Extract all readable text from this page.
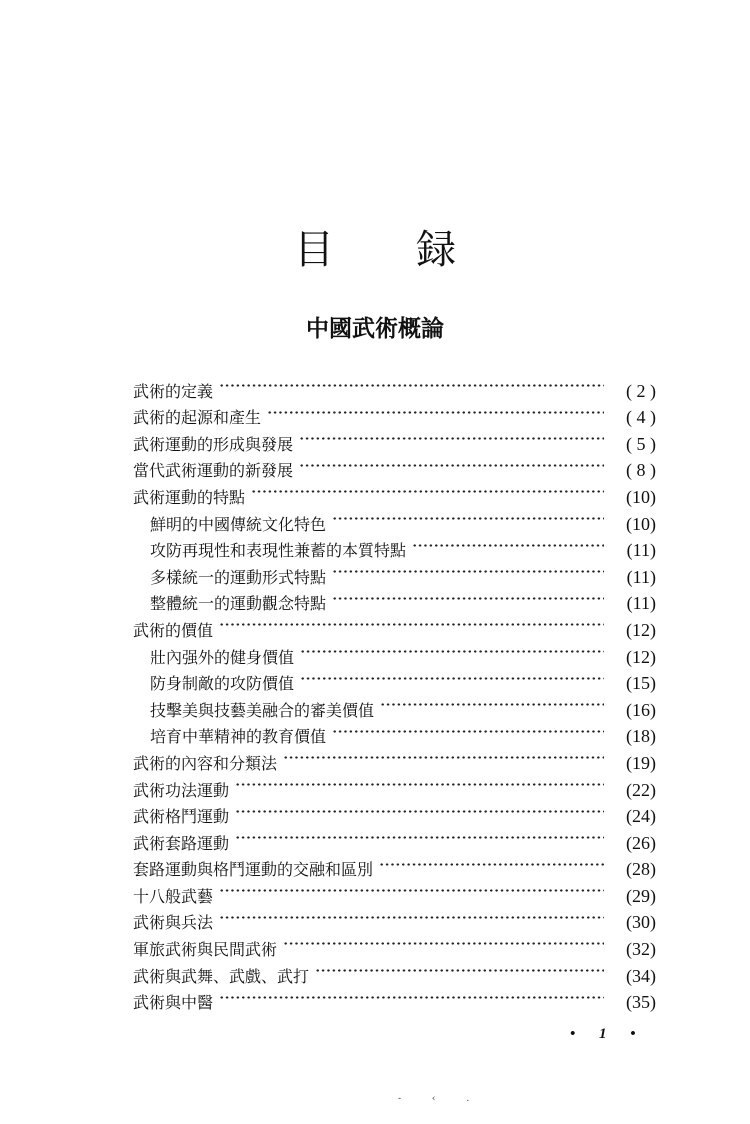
目 録
中國武術概論
武術的定義	( 2 )
武術的起源和產生	( 4 )
武術運動的形成與發展	( 5 )
當代武術運動的新發展	( 8 )
武術運動的特點	(10)
鮮明的中國傳統文化特色	(10)
攻防再現性和表現性兼蓄的本質特點	(11)
多樣統一的運動形式特點	(11)
整體統一的運動觀念特點	(11)
武術的價值	(12)
壯內强外的健身價值	(12)
防身制敵的攻防價值	(15)
技擊美與技藝美融合的審美價值	(16)
培育中華精神的教育價值	(18)
武術的內容和分類法	(19)
武術功法運動	(22)
武術格鬥運動	(24)
武術套路運動	(26)
套路運動與格鬥運動的交融和區別	(28)
十八般武藝	(29)
武術與兵法	(30)
軍旅武術與民間武術	(32)
武術與武舞、武戲、武打	(34)
武術與中醫	(35)
• 1 •
- ‹ .
